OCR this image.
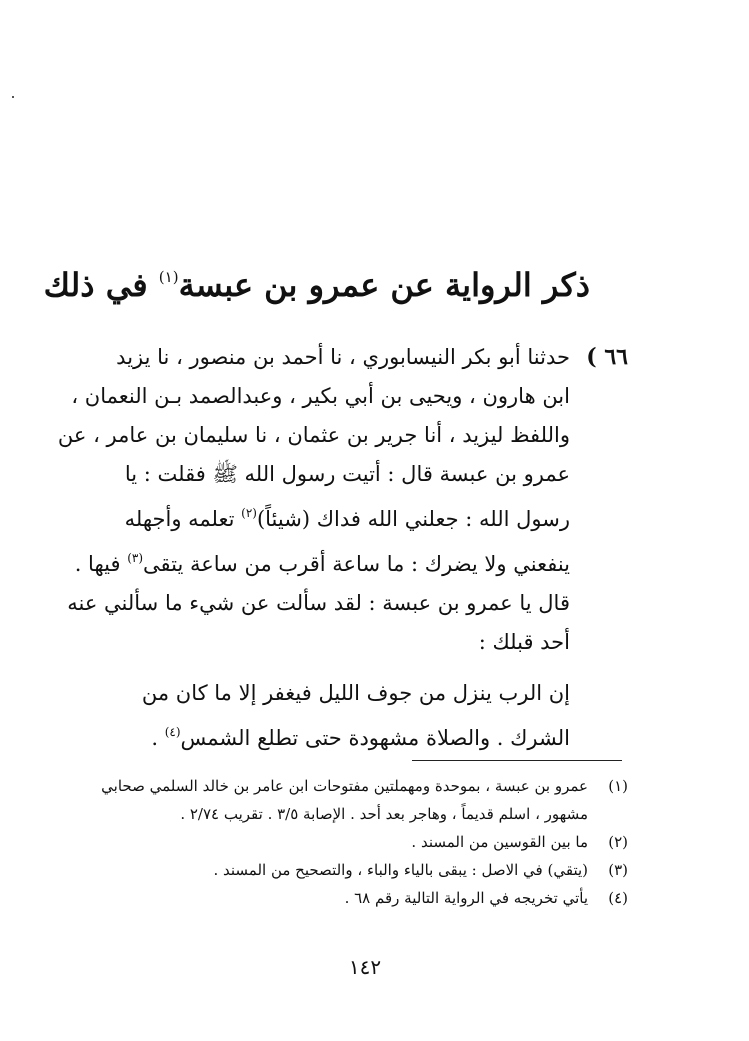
ذكر الرواية عن عمرو بن عبسة$^{(١)}$ في ذلك
٦٦ )

حدثنا أبو بكر النيسابوري ، نا أحمد بن منصور ، نا يزيد

ابن هارون ، ويحيى بن أبي بكير ، وعبدالصمد بـن النعمان ،

واللفظ ليزيد ، أنا جرير بن عثمان ، نا سليمان بن عامر ، عن

عمرو بن عبسة قال : أتيت رسول الله ﷺ فقلت : يا

رسول الله : جعلني الله فداك (شيئاً)$^{(٢)}$ تعلمه وأجهله

ينفعني ولا يضرك : ما ساعة أقرب من ساعة يتقى$^{(٣)}$ فيها .

قال يا عمرو بن عبسة : لقد سألت عن شيء ما سألني عنه

أحد قبلك :

إن الرب ينزل من جوف الليل فيغفر إلا ما كان من

الشرك . والصلاة مشهودة حتى تطلع الشمس$^{(٤)}$ .

(١)
عمرو بن عبسة ، بموحدة ومهملتين مفتوحات ابن عامر بن خالد السلمي صحابي
مشهور ، اسلم قديماً ، وهاجر بعد أحد . الإصابة ٣/٥ . تقريب ٢/٧٤ .
(٢)
ما بين القوسين من المسند .
(٣)
(يتقي) في الاصل : يبقى بالياء والباء ، والتصحيح من المسند .
(٤)
يأتي تخريجه في الرواية التالية رقم ٦٨ .
١٤٢
